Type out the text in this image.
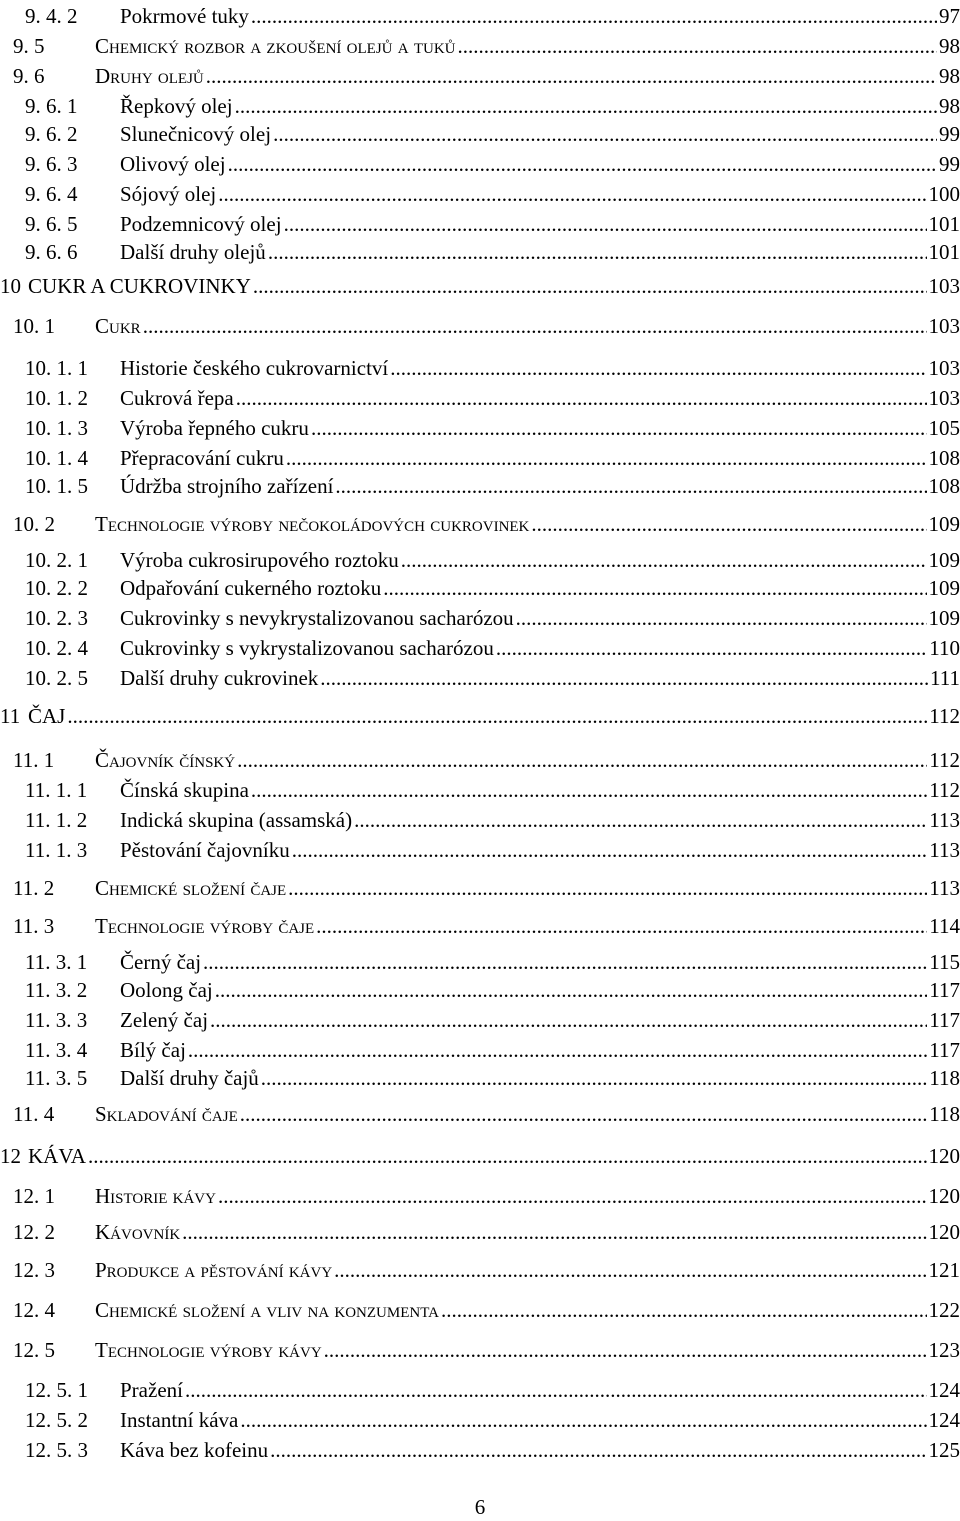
9. 4. 2	Pokrmové tuky .....	97
9. 5	Chemický rozbor a zkoušení olejů a tuků .....	98
9. 6	Druhy olejů .....	98
9. 6. 1	Řepkový olej .....	98
9. 6. 2	Slunečnicový olej .....	99
9. 6. 3	Olivový olej .....	99
9. 6. 4	Sójový olej .....	100
9. 6. 5	Podzemnicový olej .....	101
9. 6. 6	Další druhy olejů .....	101
10 CUKR A CUKROVINKY .....	103
10. 1	Cukr .....	103
10. 1. 1	Historie českého cukrovarnictví .....	103
10. 1. 2	Cukrová řepa .....	103
10. 1. 3	Výroba řepného cukru .....	105
10. 1. 4	Přepracování cukru .....	108
10. 1. 5	Údržba strojního zařízení .....	108
10. 2	Technologie výroby nečokoládových cukrovinek .....	109
10. 2. 1	Výroba cukrosirupového roztoku .....	109
10. 2. 2	Odpařování cukerného roztoku .....	109
10. 2. 3	Cukrovinky s nevykrystalizovanou sacharózou .....	109
10. 2. 4	Cukrovinky s vykrystalizovanou sacharózou .....	110
10. 2. 5	Další druhy cukrovinek .....	111
11 ČAJ .....	112
11. 1	Čajovník čínský .....	112
11. 1. 1	Čínská skupina .....	112
11. 1. 2	Indická skupina (assamská) .....	113
11. 1. 3	Pěstování čajovníku .....	113
11. 2	Chemické složení čaje .....	113
11. 3	Technologie výroby čaje .....	114
11. 3. 1	Černý čaj .....	115
11. 3. 2	Oolong čaj .....	117
11. 3. 3	Zelený čaj .....	117
11. 3. 4	Bílý čaj .....	117
11. 3. 5	Další druhy čajů .....	118
11. 4	Skladování čaje .....	118
12 KÁVA .....	120
12. 1	Historie kávy .....	120
12. 2	Kávovník .....	120
12. 3	Produkce a pěstování kávy .....	121
12. 4	Chemické složení a vliv na konzumenta .....	122
12. 5	Technologie výroby kávy .....	123
12. 5. 1	Pražení .....	124
12. 5. 2	Instantní káva .....	124
12. 5. 3	Káva bez kofeinu .....	125
6
